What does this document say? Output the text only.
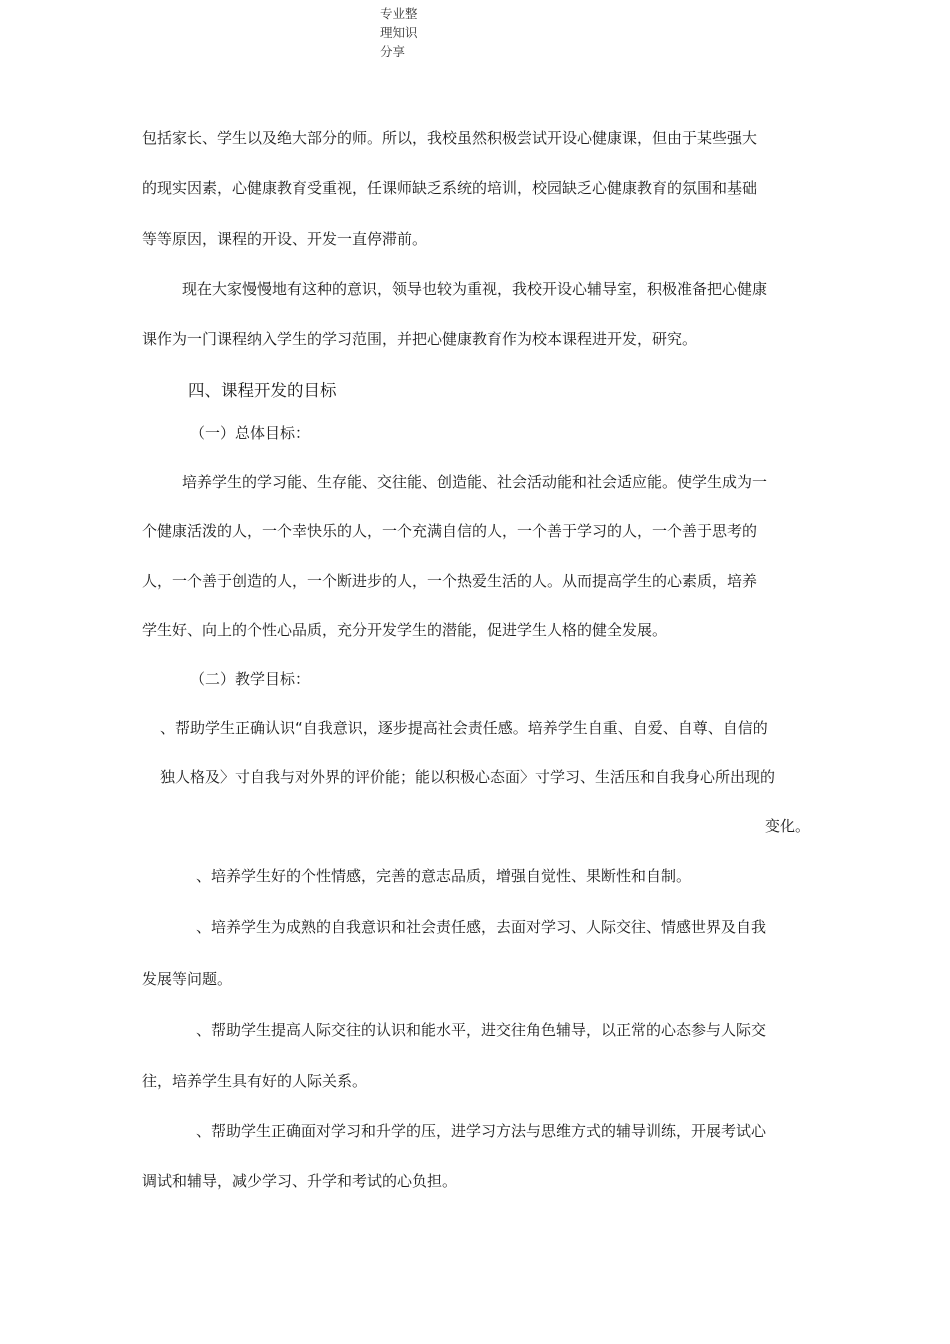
专业整
理知识
分享
包括家长、学生以及绝大部分的师。所以，我校虽然积极尝试开设心健康课，但由于某些强大
的现实因素，心健康教育受重视，任课师缺乏系统的培训，校园缺乏心健康教育的氛围和基础
等等原因，课程的开设、开发一直停滞前。
现在大家慢慢地有这种的意识，领导也较为重视，我校开设心辅导室，积极准备把心健康
课作为一门课程纳入学生的学习范围，并把心健康教育作为校本课程进开发，研究。
四、课程开发的目标
（一）总体目标：
培养学生的学习能、生存能、交往能、创造能、社会活动能和社会适应能。使学生成为一
个健康活泼的人，一个幸快乐的人，一个充满自信的人，一个善于学习的人，一个善于思考的
人，一个善于创造的人，一个断进步的人，一个热爱生活的人。从而提高学生的心素质，培养
学生好、向上的个性心品质，充分开发学生的潜能，促进学生人格的健全发展。
（二）教学目标：
、帮助学生正确认识“自我意识，逐步提高社会责任感。培养学生自重、自爱、自尊、自信的
独人格及〉寸自我与对外界的评价能；能以积极心态面〉寸学习、生活压和自我身心所出现的
变化。
、培养学生好的个性情感，完善的意志品质，增强自觉性、果断性和自制。
、培养学生为成熟的自我意识和社会责任感，去面对学习、人际交往、情感世界及自我
发展等问题。
、帮助学生提高人际交往的认识和能水平，进交往角色辅导，以正常的心态参与人际交
往，培养学生具有好的人际关系。
、帮助学生正确面对学习和升学的压，进学习方法与思维方式的辅导训练，开展考试心
调试和辅导，减少学习、升学和考试的心负担。
